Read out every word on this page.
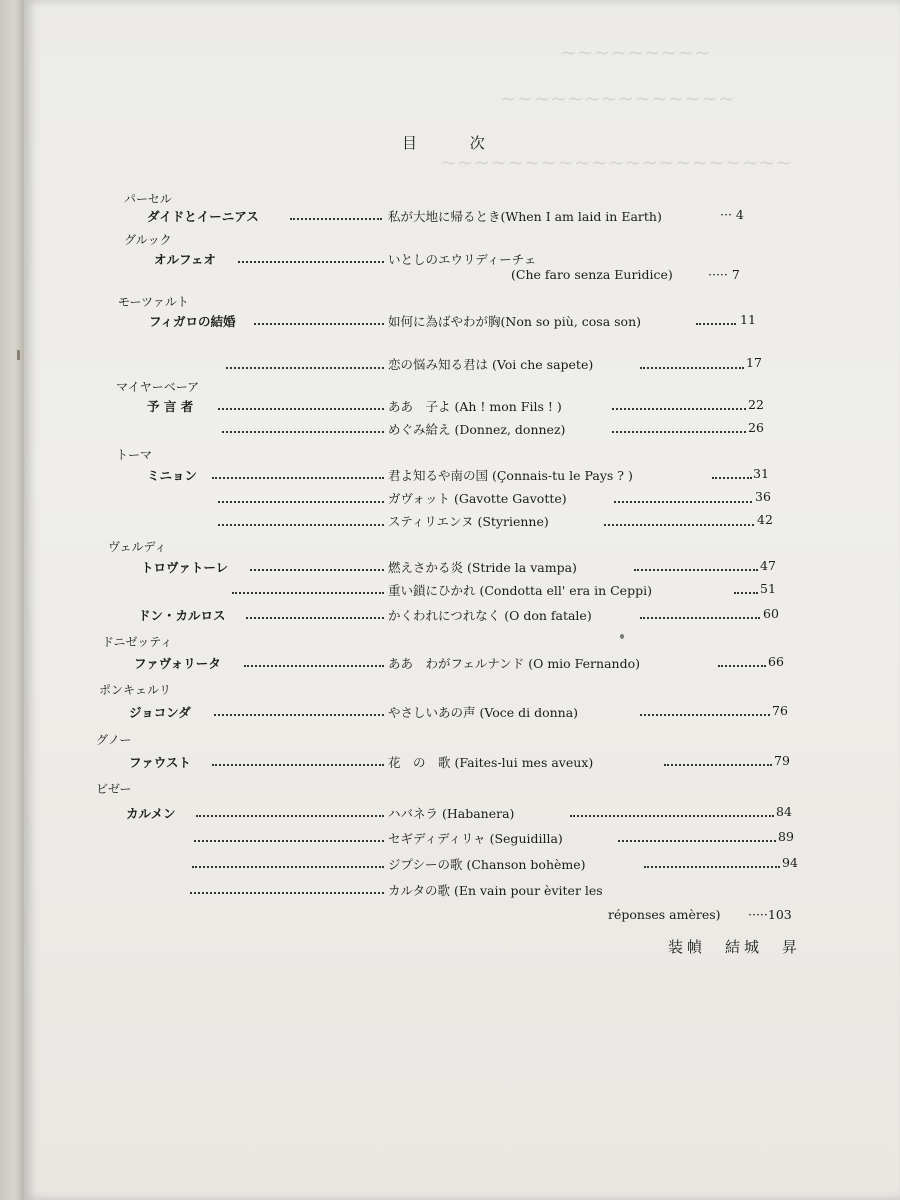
~~~~~~~~~
~~~~~~~~~~~~~~
~~~~~~~~~~~~~~~~~~~~~
目 次
パーセル
ダイドとイーニアス	私が大地に帰るとき(When I am laid in Earth)	··· 4
グルック
オルフェオ	いとしのエウリディーチェ
(Che faro senza Euridice)	····· 7
モーツァルト
フィガロの結婚	如何に為ばやわが胸(Non so più, cosa son)	11
恋の悩み知る君は (Voi che sapete)	17
マイヤーベーア
予 言 者	ああ　子よ (Ah ! mon Fils ! )	22
めぐみ給え (Donnez, donnez)	26
トーマ
ミニョン	君よ知るや南の国 (Çonnais-tu le Pays ? )	31
ガヴォット (Gavotte Gavotte)	36
スティリエンヌ (Styrienne)	42
ヴェルディ
トロヴァトーレ	燃えさかる炎 (Stride la vampa)	47
重い鎖にひかれ (Condotta ell' era in Ceppi)	51
ドン・カルロス	かくわれにつれなく (O don fatale)	60
ドニゼッティ
ファヴォリータ	ああ　わがフェルナンド (O mio Fernando)	66
ポンキェルリ
ジョコンダ	やさしいあの声 (Voce di donna)	76
グノー
ファウスト	花　の　歌 (Faites-lui mes aveux)	79
ビゼー
カルメン	ハバネラ (Habanera)	84
セギディディリャ (Seguidilla)	89
ジプシーの歌 (Chanson bohème)	94
カルタの歌 (En vain pour èviter les
réponses amères) ·····103
装幀　結城　昇
